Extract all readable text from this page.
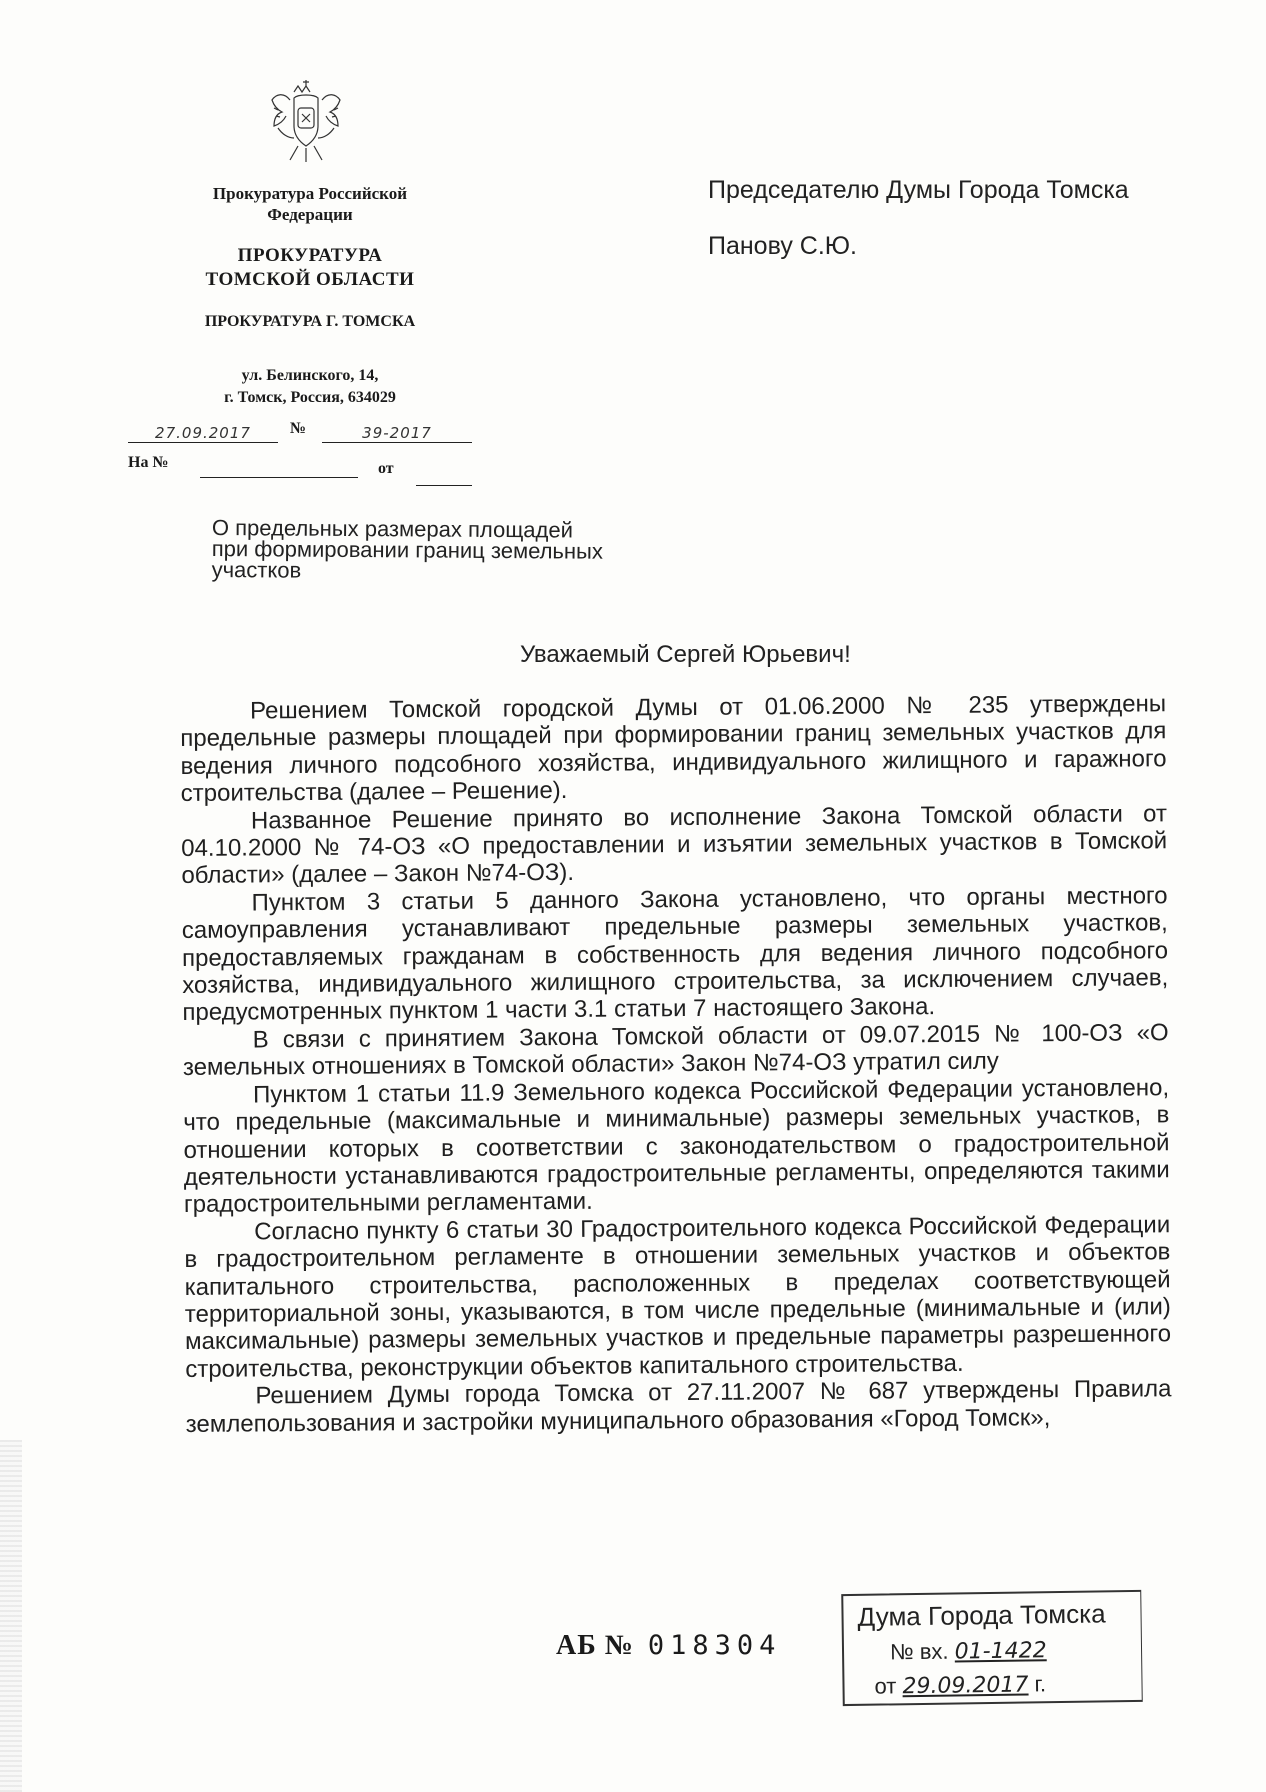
Прокуратура Российской
Федерации
ПРОКУРАТУРА
ТОМСКОЙ ОБЛАСТИ
ПРОКУРАТУРА Г. ТОМСКА
ул. Белинского, 14,
г. Томск, Россия, 634029
27.09.2017	№	39-2017
На №	от
Председателю Думы Города Томска
Панову С.Ю.
О предельных размерах площадей
при формировании границ земельных
участков
Уважаемый Сергей Юрьевич!

Решением Томской городской Думы от 01.06.2000 № 235 утверждены предельные размеры площадей при формировании границ земельных участков для ведения личного подсобного хозяйства, индивидуального жилищного и гаражного строительства (далее – Решение).

Названное Решение принято во исполнение Закона Томской области от 04.10.2000 № 74-ОЗ «О предоставлении и изъятии земельных участков в Томской области» (далее – Закон №74-ОЗ).

Пунктом 3 статьи 5 данного Закона установлено, что органы местного самоуправления устанавливают предельные размеры земельных участков, предоставляемых гражданам в собственность для ведения личного подсобного хозяйства, индивидуального жилищного строительства, за исключением случаев, предусмотренных пунктом 1 части 3.1 статьи 7 настоящего Закона.

В связи с принятием Закона Томской области от 09.07.2015 № 100-ОЗ «О земельных отношениях в Томской области» Закон №74-ОЗ утратил силу

Пунктом 1 статьи 11.9 Земельного кодекса Российской Федерации установлено, что предельные (максимальные и минимальные) размеры земельных участков, в отношении которых в соответствии с законодательством о градостроительной деятельности устанавливаются градостроительные регламенты, определяются такими градостроительными регламентами.

Согласно пункту 6 статьи 30 Градостроительного кодекса Российской Федерации в градостроительном регламенте в отношении земельных участков и объектов капитального строительства, расположенных в пределах соответствующей территориальной зоны, указываются, в том числе предельные (минимальные и (или) максимальные) размеры земельных участков и предельные параметры разрешенного строительства, реконструкции объектов капитального строительства.

Решением Думы города Томска от 27.11.2007 № 687 утверждены Правила землепользования и застройки муниципального образования «Город Томск»,

АБ № 018304
Дума Города Томска
№ вх. 01-1422
от 29.09.2017 г.
